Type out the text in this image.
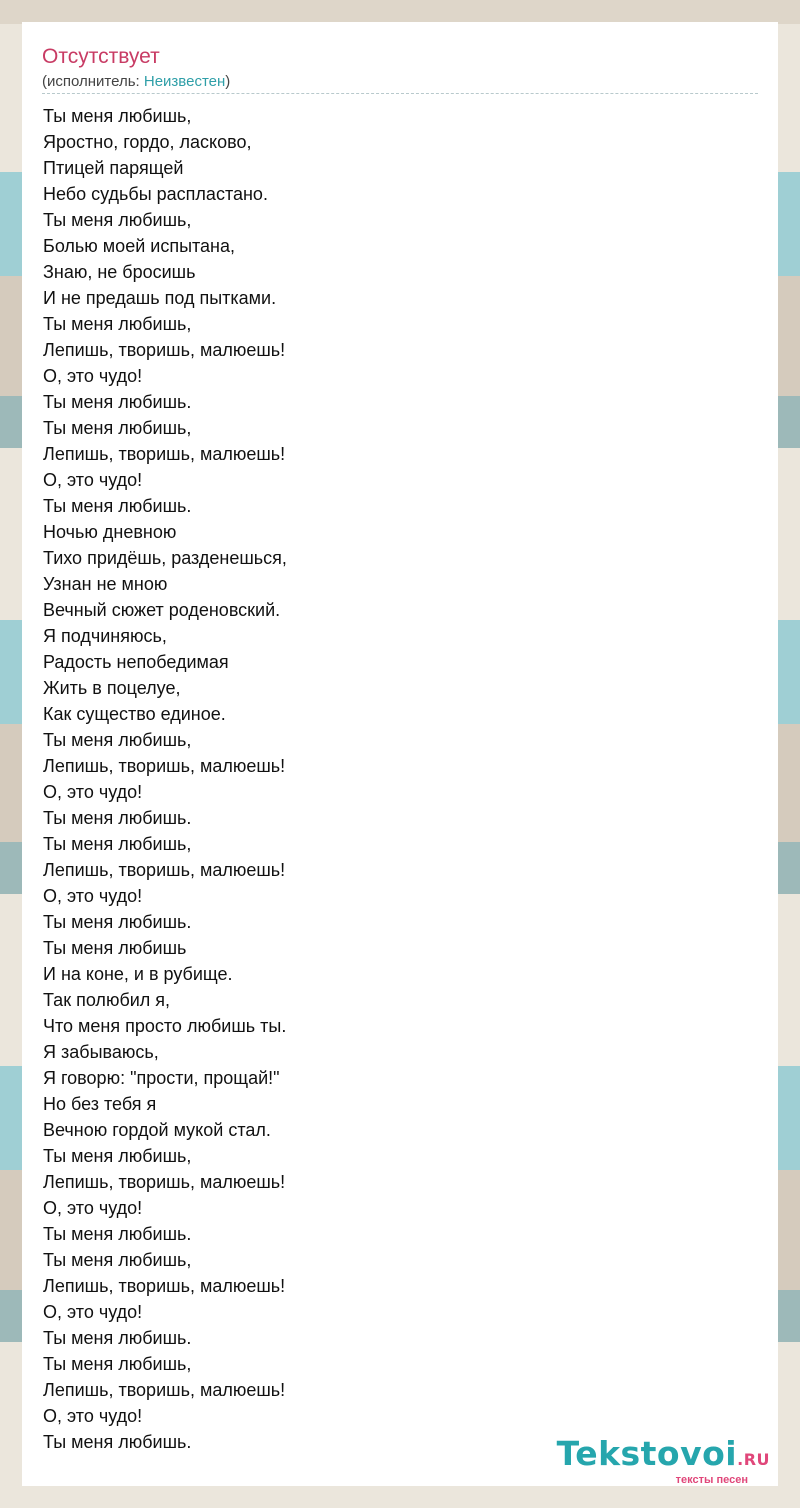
Отсутствует
(исполнитель: Неизвестен)
Ты меня любишь,
Яростно, гордо, ласково,
Птицей парящей
Небо судьбы распластано.
Ты меня любишь,
Болью моей испытана,
Знаю, не бросишь
И не предашь под пытками.
Ты меня любишь,
Лепишь, творишь, малюешь!
О, это чудо!
Ты меня любишь.
Ты меня любишь,
Лепишь, творишь, малюешь!
О, это чудо!
Ты меня любишь.
Ночью дневною
Тихо придёшь, разденешься,
Узнан не мною
Вечный сюжет роденовский.
Я подчиняюсь,
Радость непобедимая
Жить в поцелуе,
Как существо единое.
Ты меня любишь,
Лепишь, творишь, малюешь!
О, это чудо!
Ты меня любишь.
Ты меня любишь,
Лепишь, творишь, малюешь!
О, это чудо!
Ты меня любишь.
Ты меня любишь
И на коне, и в рубище.
Так полюбил я,
Что меня просто любишь ты.
Я забываюсь,
Я говорю: "прости, прощай!"
Но без тебя я
Вечною гордой мукой стал.
Ты меня любишь,
Лепишь, творишь, малюешь!
О, это чудо!
Ты меня любишь.
Ты меня любишь,
Лепишь, творишь, малюешь!
О, это чудо!
Ты меня любишь.
Ты меня любишь,
Лепишь, творишь, малюешь!
О, это чудо!
Ты меня любишь.	Tekstovoi.RU
тексты песен
